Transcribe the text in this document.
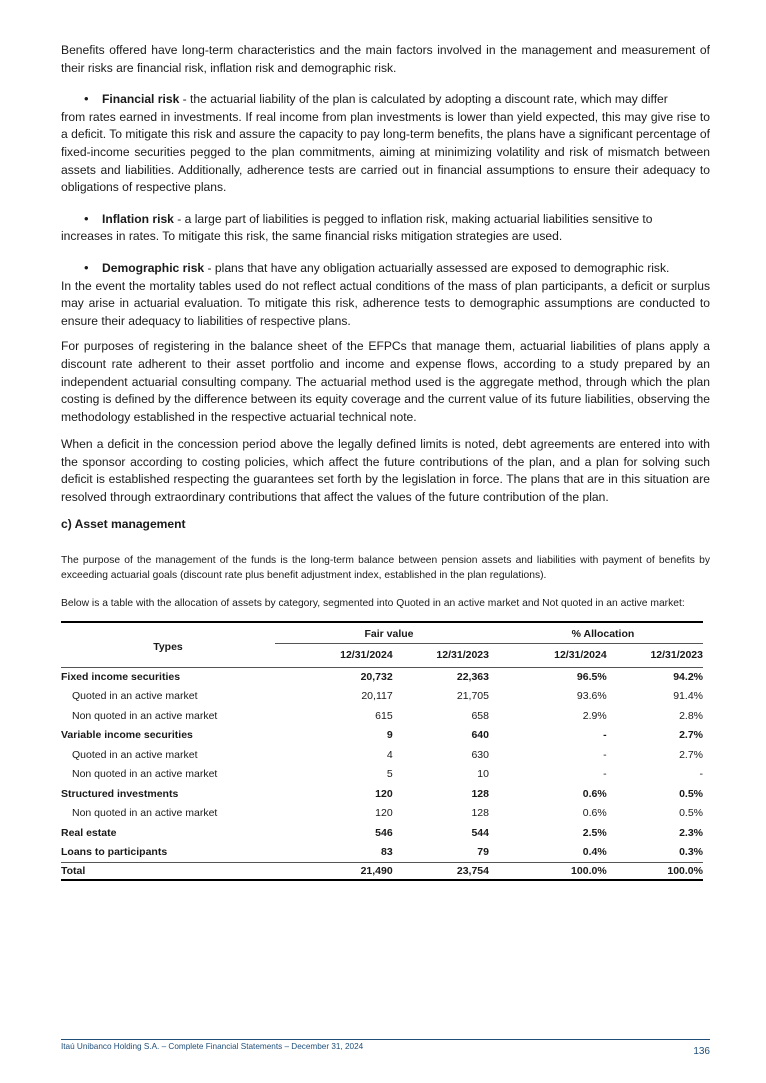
Benefits offered have long-term characteristics and the main factors involved in the management and measurement of their risks are financial risk, inflation risk and demographic risk.

• Financial risk - the actuarial liability of the plan is calculated by adopting a discount rate, which may differ
from rates earned in investments. If real income from plan investments is lower than yield expected, this may give rise to a deficit. To mitigate this risk and assure the capacity to pay long-term benefits, the plans have a significant percentage of fixed-income securities pegged to the plan commitments, aiming at minimizing volatility and risk of mismatch between assets and liabilities. Additionally, adherence tests are carried out in financial assumptions to ensure their adequacy to obligations of respective plans.
• Inflation risk - a large part of liabilities is pegged to inflation risk, making actuarial liabilities sensitive to
increases in rates. To mitigate this risk, the same financial risks mitigation strategies are used.
• Demographic risk - plans that have any obligation actuarially assessed are exposed to demographic risk.
In the event the mortality tables used do not reflect actual conditions of the mass of plan participants, a deficit or surplus may arise in actuarial evaluation. To mitigate this risk, adherence tests to demographic assumptions are conducted to ensure their adequacy to liabilities of respective plans.

For purposes of registering in the balance sheet of the EFPCs that manage them, actuarial liabilities of plans apply a discount rate adherent to their asset portfolio and income and expense flows, according to a study prepared by an independent actuarial consulting company. The actuarial method used is the aggregate method, through which the plan costing is defined by the difference between its equity coverage and the current value of its future liabilities, observing the methodology established in the respective actuarial technical note.

When a deficit in the concession period above the legally defined limits is noted, debt agreements are entered into with the sponsor according to costing policies, which affect the future contributions of the plan, and a plan for solving such deficit is established respecting the guarantees set forth by the legislation in force. The plans that are in this situation are resolved through extraordinary contributions that affect the values of the future contribution of the plan.

c) Asset management

The purpose of the management of the funds is the long-term balance between pension assets and liabilities with payment of benefits by exceeding actuarial goals (discount rate plus benefit adjustment index, established in the plan regulations).

Below is a table with the allocation of assets by category, segmented into Quoted in an active market and Not quoted in an active market:

Types	Fair value		% Allocation	
	12/31/2024	12/31/2023	12/31/2024	12/31/2023
Fixed income securities	20,732	22,363	96.5%	94.2%
Quoted in an active market	20,117	21,705	93.6%	91.4%
Non quoted in an active market	615	658	2.9%	2.8%
Variable income securities	9	640	-	2.7%
Quoted in an active market	4	630	-	2.7%
Non quoted in an active market	5	10	-	-
Structured investments	120	128	0.6%	0.5%
Non quoted in an active market	120	128	0.6%	0.5%
Real estate	546	544	2.5%	2.3%
Loans to participants	83	79	0.4%	0.3%
Total	21,490	23,754	100.0%	100.0%
Itaú Unibanco Holding S.A. – Complete Financial Statements – December 31, 2024	136
